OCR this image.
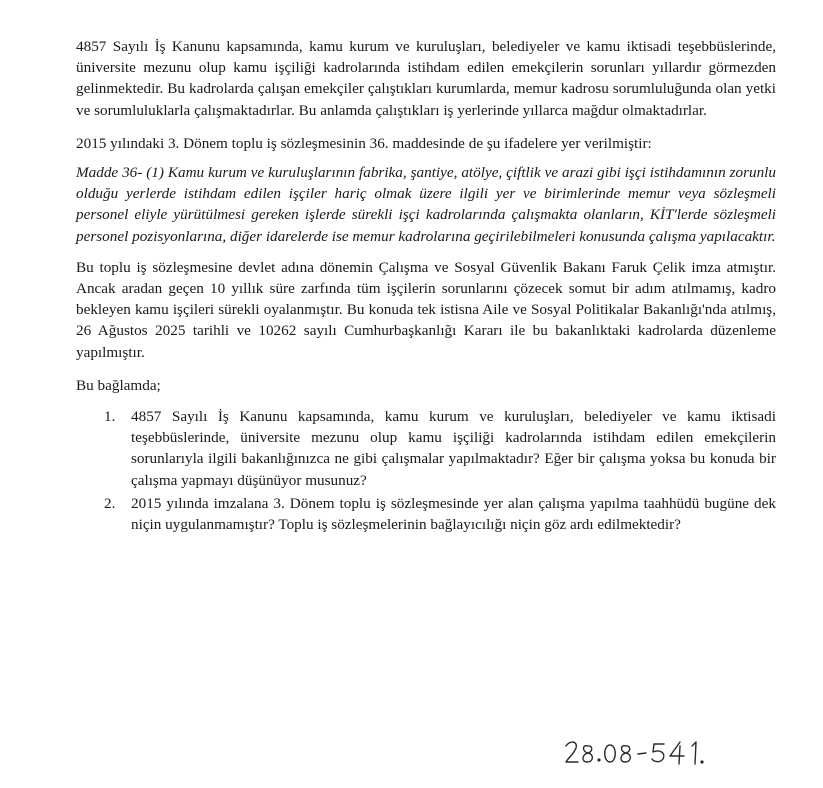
4857 Sayılı İş Kanunu kapsamında, kamu kurum ve kuruluşları, belediyeler ve kamu iktisadi teşebbüslerinde, üniversite mezunu olup kamu işçiliği kadrolarında istihdam edilen emekçilerin sorunları yıllardır görmezden gelinmektedir. Bu kadrolarda çalışan emekçiler çalıştıkları kurumlarda, memur kadrosu sorumluluğunda olan yetki ve sorumluluklarla çalışmaktadırlar. Bu anlamda çalıştıkları iş yerlerinde yıllarca mağdur olmaktadırlar.

2015 yılındaki 3. Dönem toplu iş sözleşmesinin 36. maddesinde de şu ifadelere yer verilmiştir:

Madde 36- (1) Kamu kurum ve kuruluşlarının fabrika, şantiye, atölye, çiftlik ve arazi gibi işçi istihdamının zorunlu olduğu yerlerde istihdam edilen işçiler hariç olmak üzere ilgili yer ve birimlerinde memur veya sözleşmeli personel eliyle yürütülmesi gereken işlerde sürekli işçi kadrolarında çalışmakta olanların, KİT'lerde sözleşmeli personel pozisyonlarına, diğer idarelerde ise memur kadrolarına geçirilebilmeleri konusunda çalışma yapılacaktır.

Bu toplu iş sözleşmesine devlet adına dönemin Çalışma ve Sosyal Güvenlik Bakanı Faruk Çelik imza atmıştır. Ancak aradan geçen 10 yıllık süre zarfında tüm işçilerin sorunlarını çözecek somut bir adım atılmamış, kadro bekleyen kamu işçileri sürekli oyalanmıştır. Bu konuda tek istisna Aile ve Sosyal Politikalar Bakanlığı'nda atılmış, 26 Ağustos 2025 tarihli ve 10262 sayılı Cumhurbaşkanlığı Kararı ile bu bakanlıktaki kadrolarda düzenleme yapılmıştır.

Bu bağlamda;

1. 4857 Sayılı İş Kanunu kapsamında, kamu kurum ve kuruluşları, belediyeler ve kamu iktisadi teşebbüslerinde, üniversite mezunu olup kamu işçiliği kadrolarında istihdam edilen emekçilerin sorunlarıyla ilgili bakanlığınızca ne gibi çalışmalar yapılmaktadır? Eğer bir çalışma yoksa bu konuda bir çalışma yapmayı düşünüyor musunuz?
2. 2015 yılında imzalana 3. Dönem toplu iş sözleşmesinde yer alan çalışma yapılma taahhüdü bugüne dek niçin uygulanmamıştır? Toplu iş sözleşmelerinin bağlayıcılığı niçin göz ardı edilmektedir?
